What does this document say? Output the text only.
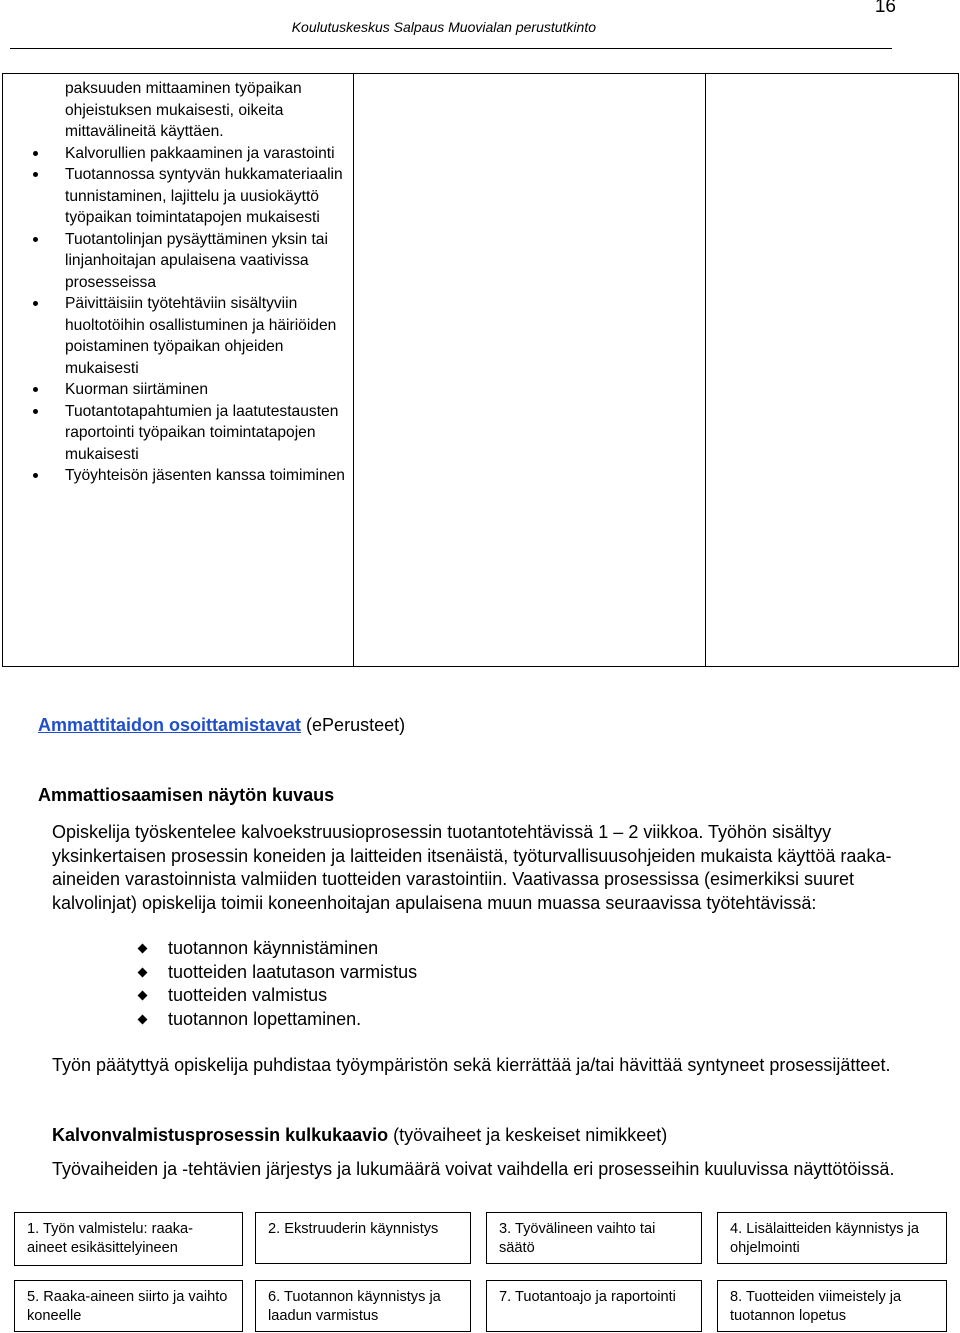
16
Koulutuskeskus Salpaus Muovialan perustutkinto

paksuuden mittaaminen työpaikan ohjeistuksen mukaisesti, oikeita mittavälineitä käyttäen.

Kalvorullien pakkaaminen ja varastointi
Tuotannossa syntyvän hukkamateriaalin tunnistaminen, lajittelu ja uusiokäyttö työpaikan toimintatapojen mukaisesti
Tuotantolinjan pysäyttäminen yksin tai linjanhoitajan apulaisena vaativissa prosesseissa
Päivittäisiin työtehtäviin sisältyviin huoltotöihin osallistuminen ja häiriöiden poistaminen työpaikan ohjeiden mukaisesti
Kuorman siirtäminen
Tuotantotapahtumien ja laatutestausten raportointi työpaikan toimintatapojen mukaisesti
Työyhteisön jäsenten kanssa toimiminen
Ammattitaidon osoittamistavat (ePerusteet)
Ammattiosaamisen näytön kuvaus
Opiskelija työskentelee kalvoekstruusioprosessin tuotantotehtävissä 1 – 2 viikkoa. Työhön sisältyy yksinkertaisen prosessin koneiden ja laitteiden itsenäistä, työturvallisuusohjeiden mukaista käyttöä raaka-aineiden varastoinnista valmiiden tuotteiden varastointiin. Vaativassa prosessissa (esimerkiksi suuret kalvolinjat) opiskelija toimii koneenhoitajan apulaisena muun muassa seuraavissa työtehtävissä:
tuotannon käynnistäminen
tuotteiden laatutason varmistus
tuotteiden valmistus
tuotannon lopettaminen.
Työn päätyttyä opiskelija puhdistaa työympäristön sekä kierrättää ja/tai hävittää syntyneet prosessijätteet.
Kalvonvalmistusprosessin kulkukaavio (työvaiheet ja keskeiset nimikkeet)
Työvaiheiden ja -tehtävien järjestys ja lukumäärä voivat vaihdella eri prosesseihin kuuluvissa näyttötöissä.
1. Työn valmistelu: raaka-aineet esikäsittelyineen
2. Ekstruuderin käynnistys	3. Työvälineen vaihto tai säätö
4. Lisälaitteiden käynnistys ja ohjelmointi
5. Raaka-aineen siirto ja vaihto koneelle
6. Tuotannon käynnistys ja laadun varmistus
7. Tuotantoajo ja raportointi	8. Tuotteiden viimeistely ja tuotannon lopetus
